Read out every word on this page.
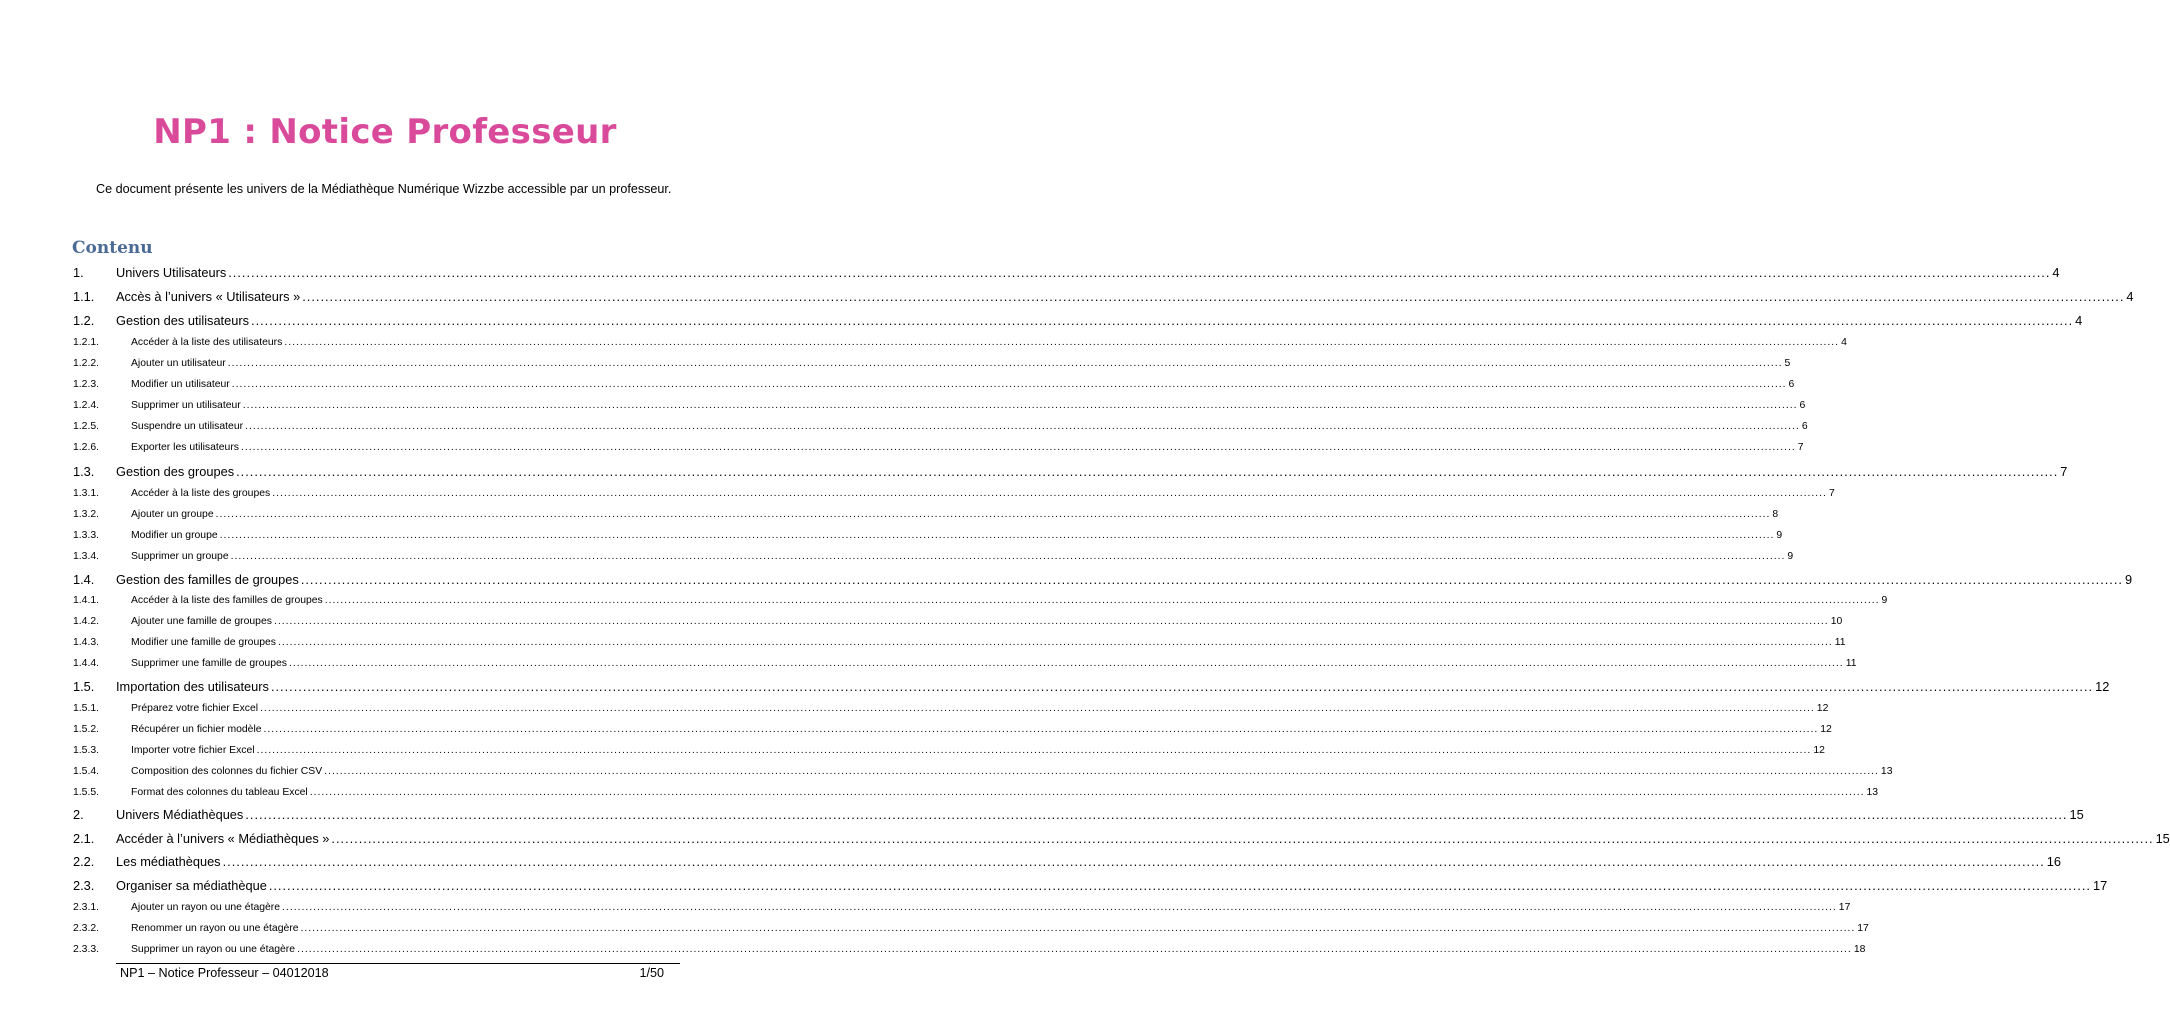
NP1 : Notice Professeur
Ce document présente les univers de la Médiathèque Numérique Wizzbe accessible par un professeur.
Contenu
1.	Univers Utilisateurs ................................................................................................................................................................................................................................................................................................................................................................................................................ 4
1.1.	Accès à l’univers « Utilisateurs » ................................................................................................................................................................................................................................................................................................................................................................................................................ 4
1.2.	Gestion des utilisateurs ................................................................................................................................................................................................................................................................................................................................................................................................................ 4
1.2.1.	Accéder à la liste des utilisateurs ................................................................................................................................................................................................................................................................................................................................................................................................................ 4
1.2.2.	Ajouter un utilisateur ................................................................................................................................................................................................................................................................................................................................................................................................................ 5
1.2.3.	Modifier un utilisateur ................................................................................................................................................................................................................................................................................................................................................................................................................ 6
1.2.4.	Supprimer un utilisateur ................................................................................................................................................................................................................................................................................................................................................................................................................ 6
1.2.5.	Suspendre un utilisateur ................................................................................................................................................................................................................................................................................................................................................................................................................ 6
1.2.6.	Exporter les utilisateurs ................................................................................................................................................................................................................................................................................................................................................................................................................ 7
1.3.	Gestion des groupes ................................................................................................................................................................................................................................................................................................................................................................................................................ 7
1.3.1.	Accéder à la liste des groupes ................................................................................................................................................................................................................................................................................................................................................................................................................ 7
1.3.2.	Ajouter un groupe ................................................................................................................................................................................................................................................................................................................................................................................................................ 8
1.3.3.	Modifier un groupe ................................................................................................................................................................................................................................................................................................................................................................................................................ 9
1.3.4.	Supprimer un groupe ................................................................................................................................................................................................................................................................................................................................................................................................................ 9
1.4.	Gestion des familles de groupes ................................................................................................................................................................................................................................................................................................................................................................................................................ 9
1.4.1.	Accéder à la liste des familles de groupes ................................................................................................................................................................................................................................................................................................................................................................................................................ 9
1.4.2.	Ajouter une famille de groupes ................................................................................................................................................................................................................................................................................................................................................................................................................ 10
1.4.3.	Modifier une famille de groupes ................................................................................................................................................................................................................................................................................................................................................................................................................ 11
1.4.4.	Supprimer une famille de groupes ................................................................................................................................................................................................................................................................................................................................................................................................................ 11
1.5.	Importation des utilisateurs ................................................................................................................................................................................................................................................................................................................................................................................................................ 12
1.5.1.	Préparez votre fichier Excel ................................................................................................................................................................................................................................................................................................................................................................................................................ 12
1.5.2.	Récupérer un fichier modèle ................................................................................................................................................................................................................................................................................................................................................................................................................ 12
1.5.3.	Importer votre fichier Excel ................................................................................................................................................................................................................................................................................................................................................................................................................ 12
1.5.4.	Composition des colonnes du fichier CSV ................................................................................................................................................................................................................................................................................................................................................................................................................ 13
1.5.5.	Format des colonnes du tableau Excel ................................................................................................................................................................................................................................................................................................................................................................................................................ 13
2.	Univers Médiathèques ................................................................................................................................................................................................................................................................................................................................................................................................................ 15
2.1.	Accéder à l’univers « Médiathèques » ................................................................................................................................................................................................................................................................................................................................................................................................................ 15
2.2.	Les médiathèques ................................................................................................................................................................................................................................................................................................................................................................................................................ 16
2.3.	Organiser sa médiathèque ................................................................................................................................................................................................................................................................................................................................................................................................................ 17
2.3.1.	Ajouter un rayon ou une étagère ................................................................................................................................................................................................................................................................................................................................................................................................................ 17
2.3.2.	Renommer un rayon ou une étagère ................................................................................................................................................................................................................................................................................................................................................................................................................ 17
2.3.3.	Supprimer un rayon ou une étagère ................................................................................................................................................................................................................................................................................................................................................................................................................ 18
NP1 – Notice Professeur – 04012018	1/50
